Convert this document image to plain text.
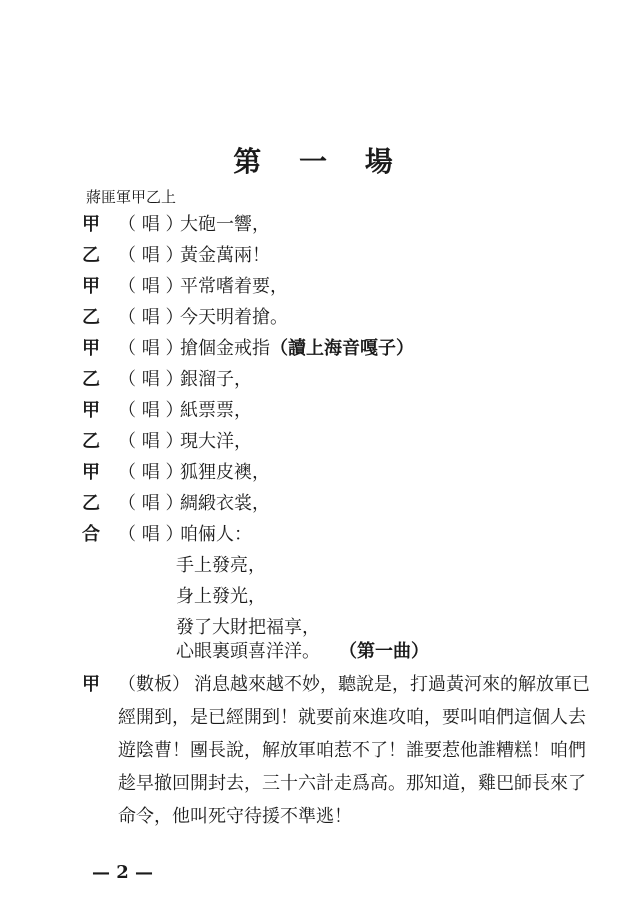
第 一 場
蔣匪軍甲乙上
甲 （ 唱 ）
大砲一響，
乙 （ 唱 ）
黃金萬兩！
甲 （ 唱 ）
平常嗜着要，
乙 （ 唱 ）
今天明着搶。
甲 （ 唱 ）
搶個金戒指（讀上海音嘎子）
乙 （ 唱 ）
銀溜子，
甲 （ 唱 ）
紙票票，
乙 （ 唱 ）
現大洋，
甲 （ 唱 ）
狐狸皮襖，
乙 （ 唱 ）
綢緞衣裳，
合 （ 唱 ）
咱倆人：
手上發亮，
身上發光，
發了大財把福享，
心眼裏頭喜洋洋。 （第一曲）
甲 （數板） 消息越來越不妙，聽說是，打過黃河來的解放軍已經開到，是已經開到！就要前來進攻咱，要叫咱們這個人去遊陰曹！團長說，解放軍咱惹不了！誰要惹他誰糟糕！咱們趁早撤回開封去，三十六計走爲高。那知道，雞巴師長來了命令，他叫死守待援不準逃！
— 2 —
